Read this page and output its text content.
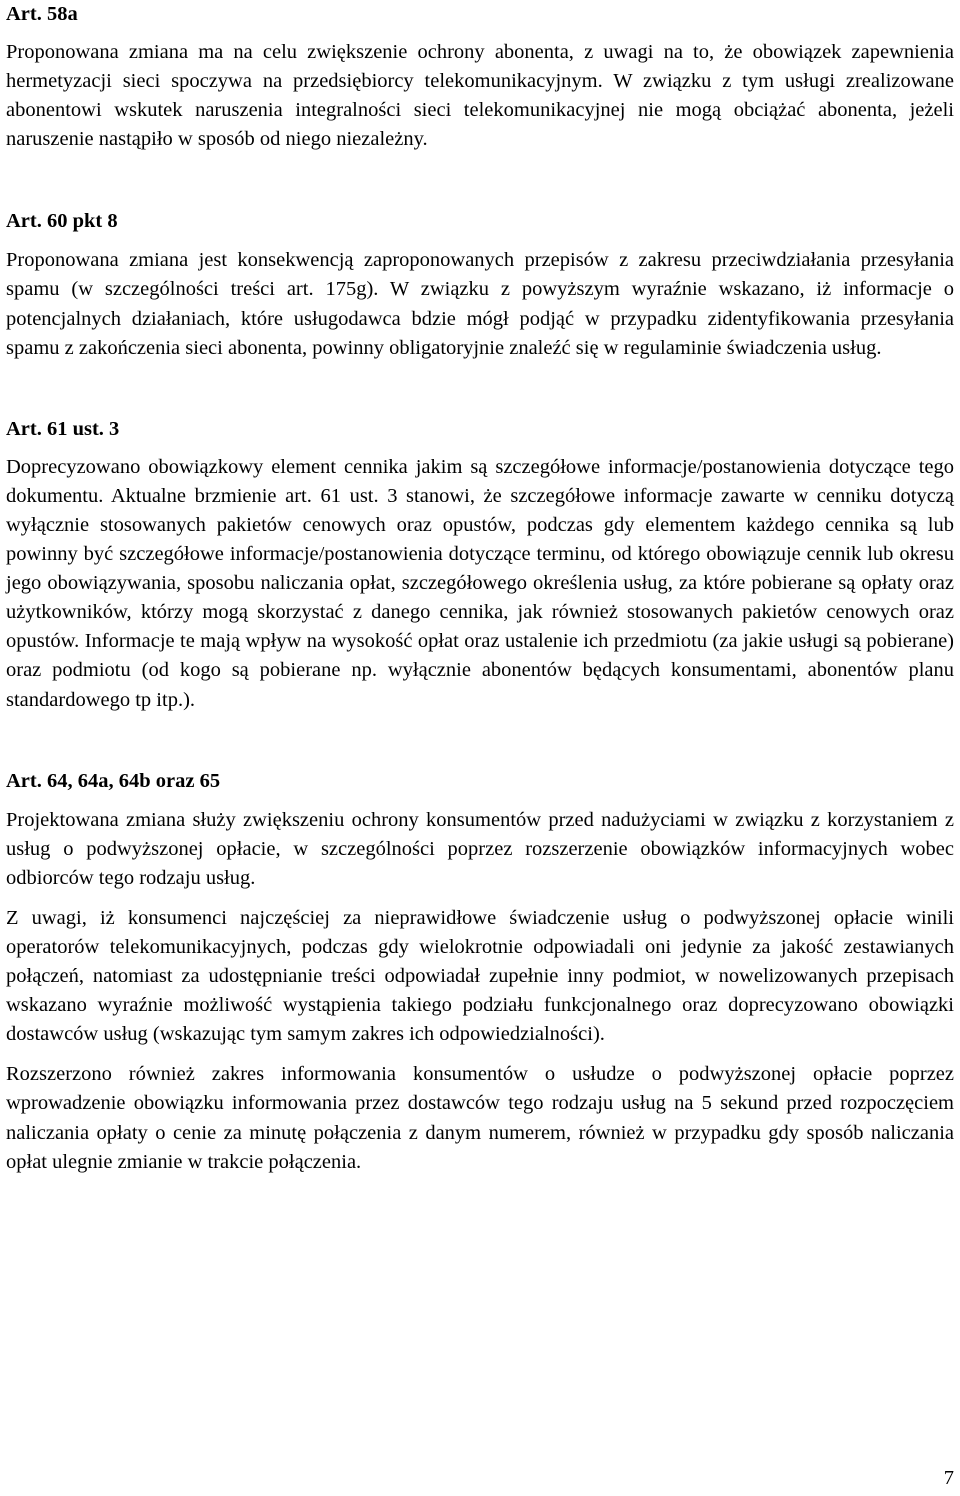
Art. 58a

Proponowana zmiana ma na celu zwiększenie ochrony abonenta, z uwagi na to, że obowiązek zapewnienia hermetyzacji sieci spoczywa na przedsiębiorcy telekomunikacyjnym. W związku z tym usługi zrealizowane abonentowi wskutek naruszenia integralności sieci telekomunikacyjnej nie mogą obciążać abonenta, jeżeli naruszenie nastąpiło w sposób od niego niezależny.

Art. 60 pkt 8

Proponowana zmiana jest konsekwencją zaproponowanych przepisów z zakresu przeciwdziałania przesyłania spamu (w szczególności treści art. 175g). W związku z powyższym wyraźnie wskazano, iż informacje o potencjalnych działaniach, które usługodawca bdzie mógł podjąć w przypadku zidentyfikowania przesyłania spamu z zakończenia sieci abonenta, powinny obligatoryjnie znaleźć się w regulaminie świadczenia usług.

Art. 61 ust. 3

Doprecyzowano obowiązkowy element cennika jakim są szczegółowe informacje/postanowienia dotyczące tego dokumentu. Aktualne brzmienie art. 61 ust. 3 stanowi, że szczegółowe informacje zawarte w cenniku dotyczą wyłącznie stosowanych pakietów cenowych oraz opustów, podczas gdy elementem każdego cennika są lub powinny być szczegółowe informacje/postanowienia dotyczące terminu, od którego obowiązuje cennik lub okresu jego obowiązywania, sposobu naliczania opłat, szczegółowego określenia usług, za które pobierane są opłaty oraz użytkowników, którzy mogą skorzystać z danego cennika, jak również stosowanych pakietów cenowych oraz opustów. Informacje te mają wpływ na wysokość opłat oraz ustalenie ich przedmiotu (za jakie usługi są pobierane) oraz podmiotu (od kogo są pobierane np. wyłącznie abonentów będących konsumentami, abonentów planu standardowego tp itp.).

Art. 64, 64a, 64b oraz 65

Projektowana zmiana służy zwiększeniu ochrony konsumentów przed nadużyciami w związku z korzystaniem z usług o podwyższonej opłacie, w szczególności poprzez rozszerzenie obowiązków informacyjnych wobec odbiorców tego rodzaju usług.

Z uwagi, iż konsumenci najczęściej za nieprawidłowe świadczenie usług o podwyższonej opłacie winili operatorów telekomunikacyjnych, podczas gdy wielokrotnie odpowiadali oni jedynie za jakość zestawianych połączeń, natomiast za udostępnianie treści odpowiadał zupełnie inny podmiot, w nowelizowanych przepisach wskazano wyraźnie możliwość wystąpienia takiego podziału funkcjonalnego oraz doprecyzowano obowiązki dostawców usług (wskazując tym samym zakres ich odpowiedzialności).

Rozszerzono również zakres informowania konsumentów o usłudze o podwyższonej opłacie poprzez wprowadzenie obowiązku informowania przez dostawców tego rodzaju usług na 5 sekund przed rozpoczęciem naliczania opłaty o cenie za minutę połączenia z danym numerem, również w przypadku gdy sposób naliczania opłat ulegnie zmianie w trakcie połączenia.

7
